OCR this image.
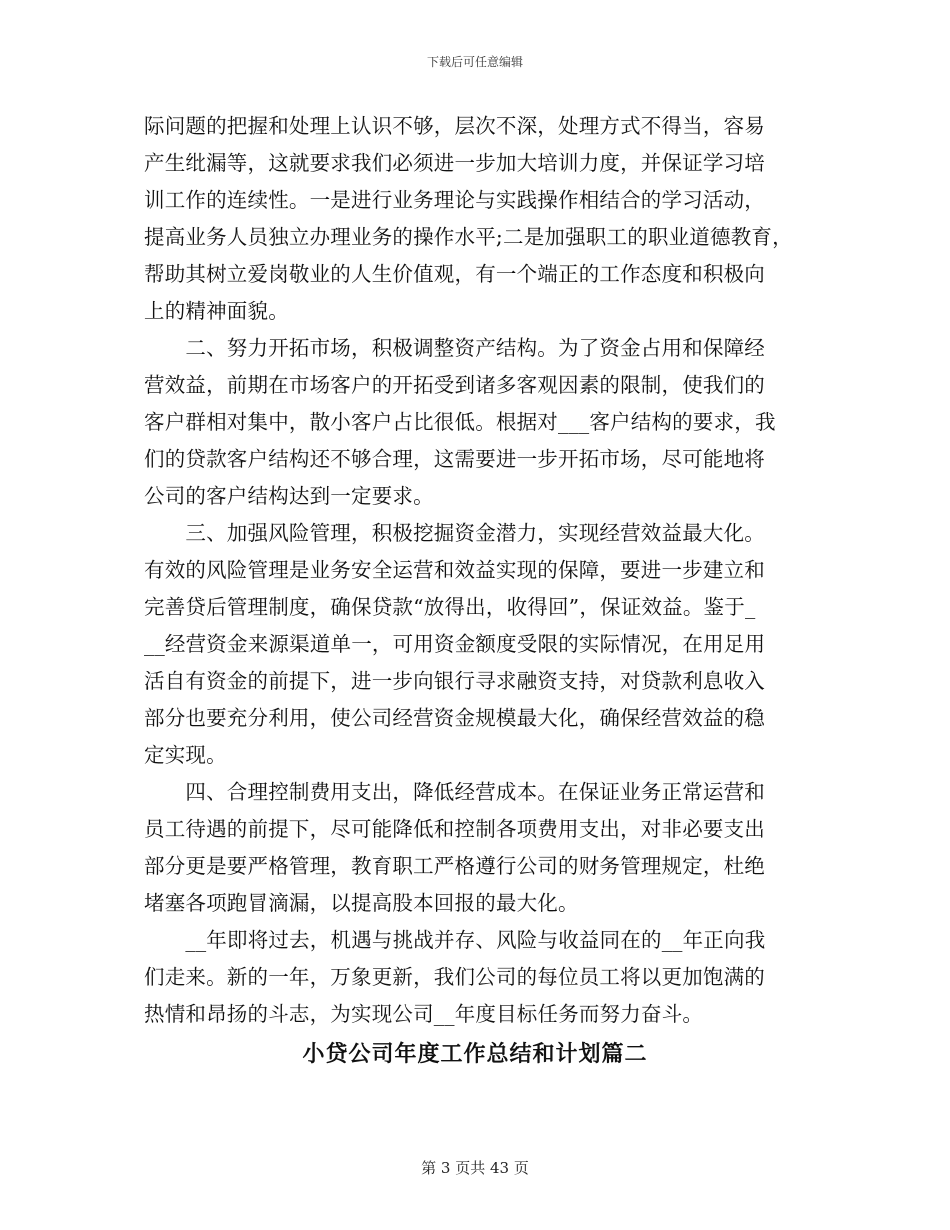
下载后可任意编辑
际问题的把握和处理上认识不够，层次不深，处理方式不得当，容易
产生纰漏等，这就要求我们必须进一步加大培训力度，并保证学习培
训工作的连续性。一是进行业务理论与实践操作相结合的学习活动，
提高业务人员独立办理业务的操作水平;二是加强职工的职业道德教育，
帮助其树立爱岗敬业的人生价值观，有一个端正的工作态度和积极向
上的精神面貌。
　　二、努力开拓市场，积极调整资产结构。为了资金占用和保障经
营效益，前期在市场客户的开拓受到诸多客观因素的限制，使我们的
客户群相对集中，散小客户占比很低。根据对___客户结构的要求，我
们的贷款客户结构还不够合理，这需要进一步开拓市场，尽可能地将
公司的客户结构达到一定要求。
　　三、加强风险管理，积极挖掘资金潜力，实现经营效益最大化。
有效的风险管理是业务安全运营和效益实现的保障，要进一步建立和
完善贷后管理制度，确保贷款“放得出，收得回”，保证效益。鉴于_
__经营资金来源渠道单一，可用资金额度受限的实际情况，在用足用
活自有资金的前提下，进一步向银行寻求融资支持，对贷款利息收入
部分也要充分利用，使公司经营资金规模最大化，确保经营效益的稳
定实现。
　　四、合理控制费用支出，降低经营成本。在保证业务正常运营和
员工待遇的前提下，尽可能降低和控制各项费用支出，对非必要支出
部分更是要严格管理，教育职工严格遵行公司的财务管理规定，杜绝
堵塞各项跑冒滴漏，以提高股本回报的最大化。
　　__年即将过去，机遇与挑战并存、风险与收益同在的__年正向我
们走来。新的一年，万象更新，我们公司的每位员工将以更加饱满的
热情和昂扬的斗志，为实现公司__年度目标任务而努力奋斗。
小贷公司年度工作总结和计划篇二
第 3 页共 43 页
